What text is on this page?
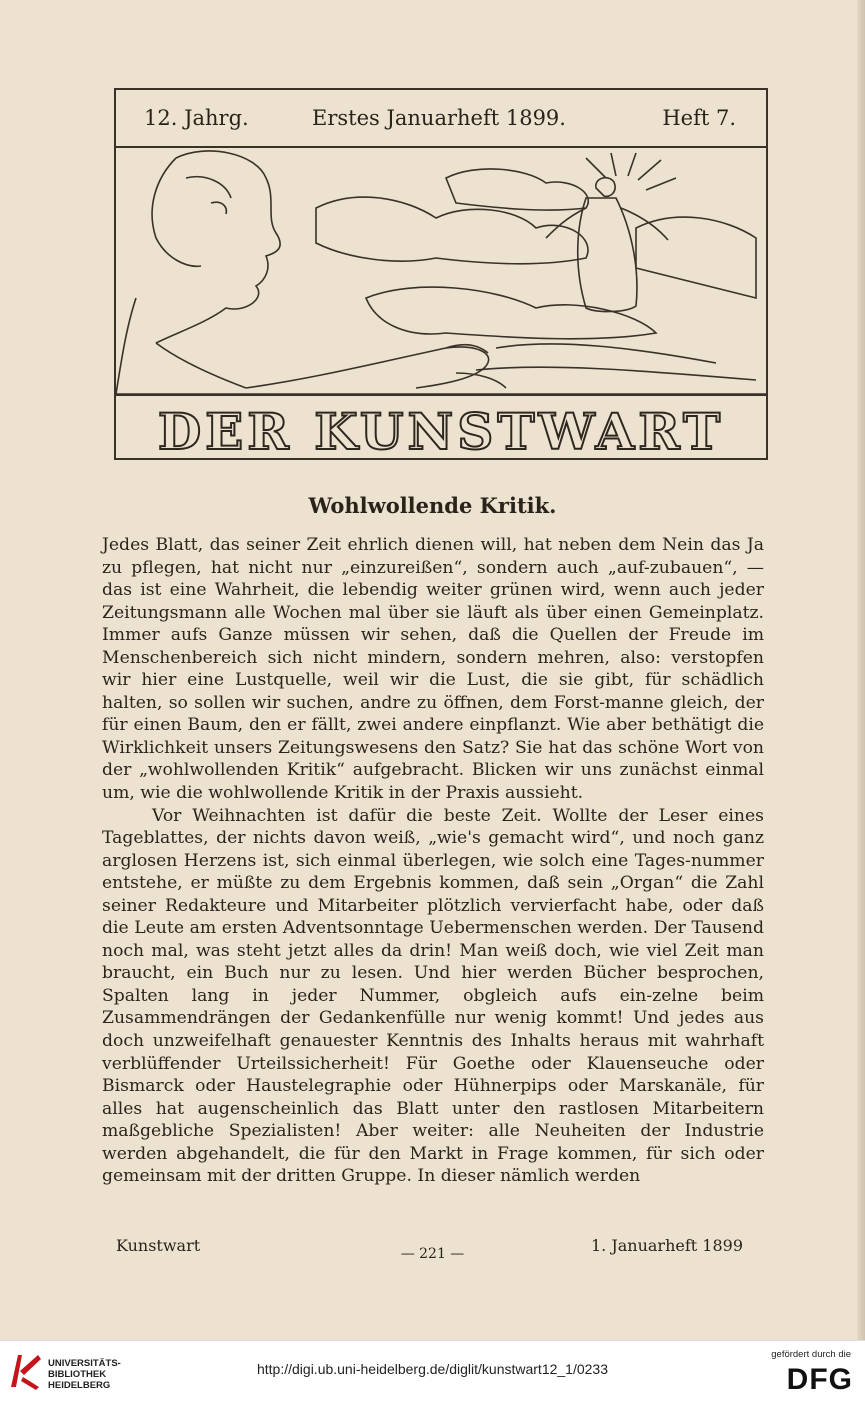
12. Jahrg.	Erstes Januarheft 1899.	Heft 7.
DER KUNSTWART
Wohlwollende Kritik.

Jedes Blatt, das seiner Zeit ehrlich dienen will, hat neben dem Nein das Ja zu pflegen, hat nicht nur „einzureißen“, sondern auch „auf-zubauen“, — das ist eine Wahrheit, die lebendig weiter grünen wird, wenn auch jeder Zeitungsmann alle Wochen mal über sie läuft als über einen Gemeinplatz. Immer aufs Ganze müssen wir sehen, daß die Quellen der Freude im Menschenbereich sich nicht mindern, sondern mehren, also: verstopfen wir hier eine Lustquelle, weil wir die Lust, die sie gibt, für schädlich halten, so sollen wir suchen, andre zu öffnen, dem Forst-manne gleich, der für einen Baum, den er fällt, zwei andere einpflanzt. Wie aber bethätigt die Wirklichkeit unsers Zeitungswesens den Satz? Sie hat das schöne Wort von der „wohlwollenden Kritik“ aufgebracht. Blicken wir uns zunächst einmal um, wie die wohlwollende Kritik in der Praxis aussieht.

Vor Weihnachten ist dafür die beste Zeit. Wollte der Leser eines Tageblattes, der nichts davon weiß, „wie's gemacht wird“, und noch ganz arglosen Herzens ist, sich einmal überlegen, wie solch eine Tages-nummer entstehe, er müßte zu dem Ergebnis kommen, daß sein „Organ“ die Zahl seiner Redakteure und Mitarbeiter plötzlich vervierfacht habe, oder daß die Leute am ersten Adventsonntage Uebermenschen werden. Der Tausend noch mal, was steht jetzt alles da drin! Man weiß doch, wie viel Zeit man braucht, ein Buch nur zu lesen. Und hier werden Bücher besprochen, Spalten lang in jeder Nummer, obgleich aufs ein-zelne beim Zusammendrängen der Gedankenfülle nur wenig kommt! Und jedes aus doch unzweifelhaft genauester Kenntnis des Inhalts heraus mit wahrhaft verblüffender Urteilssicherheit! Für Goethe oder Klauenseuche oder Bismarck oder Haustelegraphie oder Hühnerpips oder Marskanäle, für alles hat augenscheinlich das Blatt unter den rastlosen Mitarbeitern maßgebliche Spezialisten! Aber weiter: alle Neuheiten der Industrie werden abgehandelt, die für den Markt in Frage kommen, für sich oder gemeinsam mit der dritten Gruppe. In dieser nämlich werden

Kunstwart	1. Januarheft 1899
— 221 —
UNIVERSITÄTS-
BIBLIOTHEK
HEIDELBERG
http://digi.ub.uni-heidelberg.de/diglit/kunstwart12_1/0233
gefördert durch die
DFG
